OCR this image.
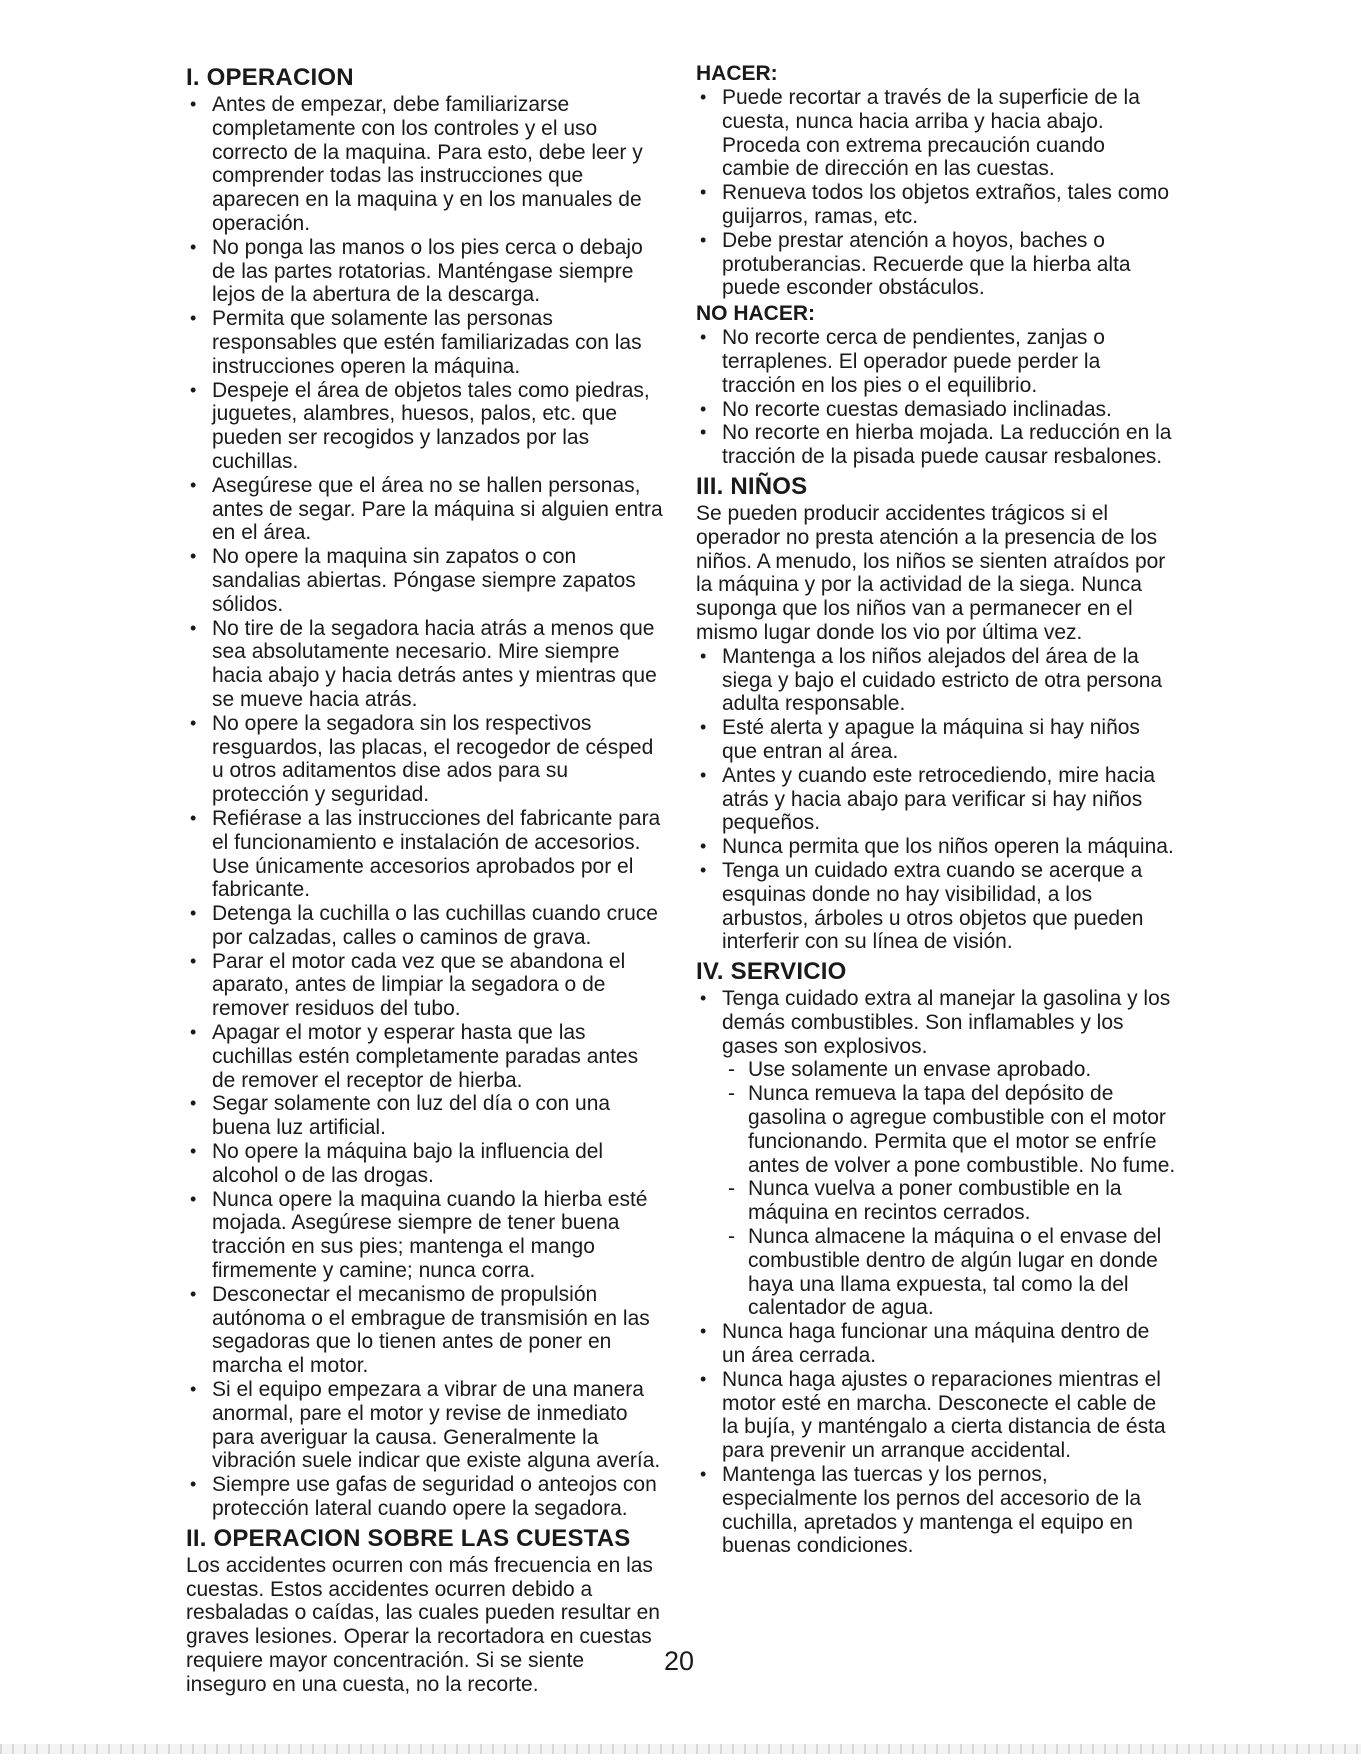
I. OPERACION
• Antes de empezar, debe familiarizarse completamente con los controles y el uso correcto de la maquina. Para esto, debe leer y comprender todas las instrucciones que aparecen en la maquina y en los manuales de operación.
• No ponga las manos o los pies cerca o debajo de las partes rotatorias. Manténgase siempre lejos de la abertura de la descarga.
• Permita que solamente las personas responsables que estén familiarizadas con las instrucciones operen la máquina.
• Despeje el área de objetos tales como piedras, juguetes, alambres, huesos, palos, etc. que pueden ser recogidos y lanzados por las cuchillas.
• Asegúrese que el área no se hallen personas, antes de segar. Pare la máquina si alguien entra en el área.
• No opere la maquina sin zapatos o con sandalias abiertas. Póngase siempre zapatos sólidos.
• No tire de la segadora hacia atrás a menos que sea absolutamente necesario. Mire siempre hacia abajo y hacia detrás antes y mientras que se mueve hacia atrás.
• No opere la segadora sin los respectivos resguardos, las placas, el recogedor de césped u otros aditamentos dise ados para su protección y seguridad.
• Refiérase a las instrucciones del fabricante para el funcionamiento e instalación de accesorios. Use únicamente accesorios aprobados por el fabricante.
• Detenga la cuchilla o las cuchillas cuando cruce por calzadas, calles o caminos de grava.
• Parar el motor cada vez que se abandona el aparato, antes de limpiar la segadora o de remover residuos del tubo.
• Apagar el motor y esperar hasta que las cuchillas estén completamente paradas antes de remover el receptor de hierba.
• Segar solamente con luz del día o con una buena luz artificial.
• No opere la máquina bajo la influencia del alcohol o de las drogas.
• Nunca opere la maquina cuando la hierba esté mojada. Asegúrese siempre de tener buena tracción en sus pies; mantenga el mango firmemente y camine; nunca corra.
• Desconectar el mecanismo de propulsión autónoma o el embrague de transmisión en las segadoras que lo tienen antes de poner en marcha el motor.
• Si el equipo empezara a vibrar de una manera anormal, pare el motor y revise de inmediato para averiguar la causa. Generalmente la vibración suele indicar que existe alguna avería.
• Siempre use gafas de seguridad o anteojos con protección lateral cuando opere la segadora.
II. OPERACION SOBRE LAS CUESTAS

Los accidentes ocurren con más frecuencia en las cuestas. Estos accidentes ocurren debido a resbaladas o caídas, las cuales pueden resultar en graves lesiones. Operar la recortadora en cuestas requiere mayor concentración. Si se siente inseguro en una cuesta, no la recorte.

HACER:
• Puede recortar a través de la superficie de la cuesta, nunca hacia arriba y hacia abajo. Proceda con extrema precaución cuando cambie de dirección en las cuestas.
• Renueva todos los objetos extraños, tales como guijarros, ramas, etc.
• Debe prestar atención a hoyos, baches o protuberancias. Recuerde que la hierba alta puede esconder obstáculos.
NO HACER:
• No recorte cerca de pendientes, zanjas o terraplenes. El operador puede perder la tracción en los pies o el equilibrio.
• No recorte cuestas demasiado inclinadas.
• No recorte en hierba mojada. La reducción en la tracción de la pisada puede causar resbalones.
III. NIÑOS

Se pueden producir accidentes trágicos si el operador no presta atención a la presencia de los niños. A menudo, los niños se sienten atraídos por la máquina y por la actividad de la siega. Nunca suponga que los niños van a permanecer en el mismo lugar donde los vio por última vez.

• Mantenga a los niños alejados del área de la siega y bajo el cuidado estricto de otra persona adulta responsable.
• Esté alerta y apague la máquina si hay niños que entran al área.
• Antes y cuando este retrocediendo, mire hacia atrás y hacia abajo para verificar si hay niños pequeños.
• Nunca permita que los niños operen la máquina.
• Tenga un cuidado extra cuando se acerque a esquinas donde no hay visibilidad, a los arbustos, árboles u otros objetos que pueden interferir con su línea de visión.
IV. SERVICIO
• Tenga cuidado extra al manejar la gasolina y los demás combustibles. Son inflamables y los gases son explosivos.
- Use solamente un envase aprobado.
- Nunca remueva la tapa del depósito de gasolina o agregue combustible con el motor funcionando. Permita que el motor se enfríe antes de volver a pone combustible. No fume.
- Nunca vuelva a poner combustible en la máquina en recintos cerrados.
- Nunca almacene la máquina o el envase del combustible dentro de algún lugar en donde haya una llama expuesta, tal como la del calentador de agua.
• Nunca haga funcionar una máquina dentro de un área cerrada.
• Nunca haga ajustes o reparaciones mientras el motor esté en marcha. Desconecte el cable de la bujía, y manténgalo a cierta distancia de ésta para prevenir un arranque accidental.
• Mantenga las tuercas y los pernos, especialmente los pernos del accesorio de la cuchilla, apretados y mantenga el equipo en buenas condiciones.
20
